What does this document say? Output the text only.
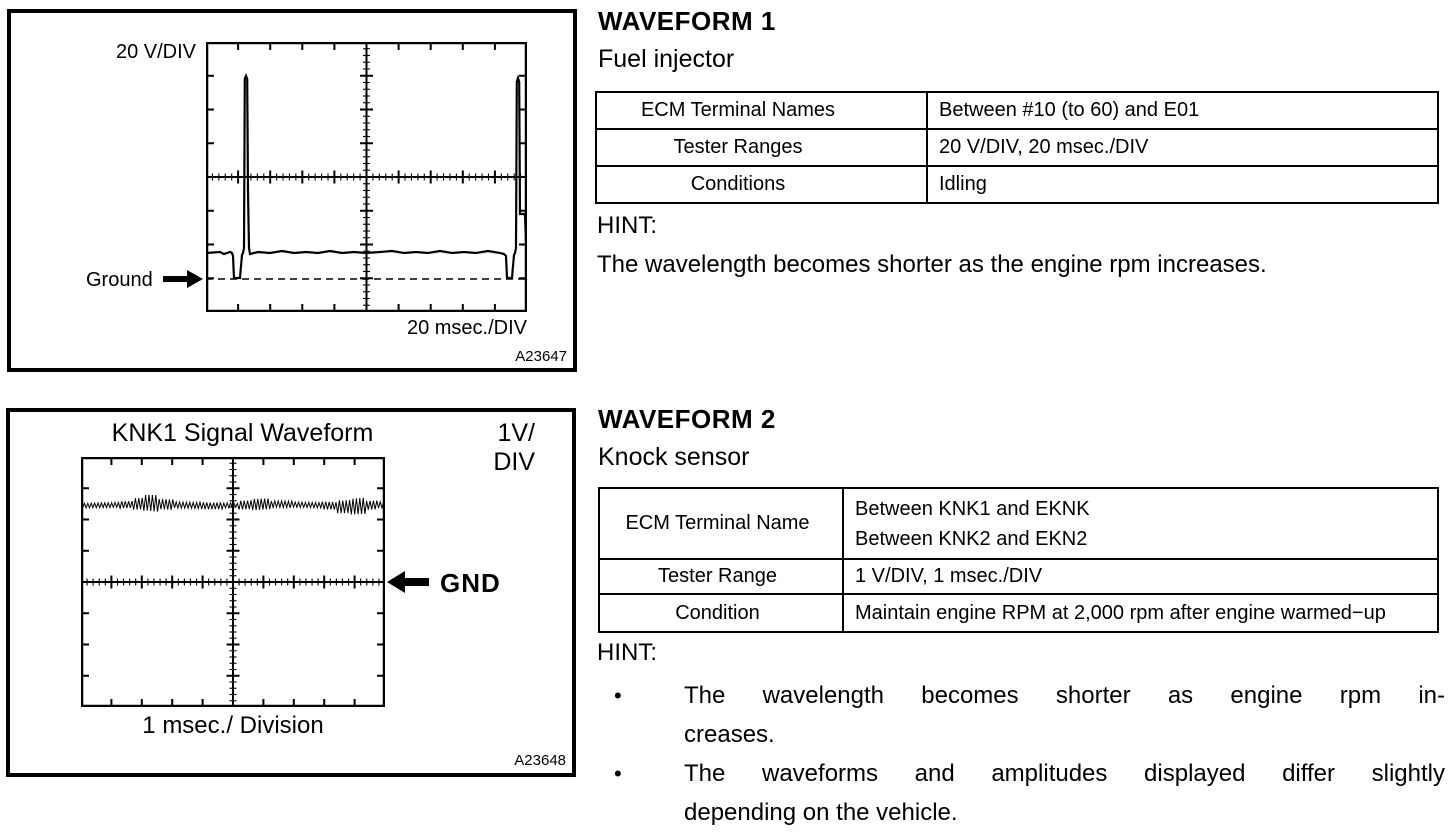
20 V/DIV
Ground
20 msec./DIV
A23647
KNK1 Signal Waveform	1V/ DIV
GND
1 msec./ Division
A23648
WAVEFORM 1
Fuel injector
ECM Terminal Names	Between #10 (to 60) and E01
Tester Ranges	20 V/DIV, 20 msec./DIV
Conditions	Idling
HINT:
The wavelength becomes shorter as the engine rpm increases.
WAVEFORM 2
Knock sensor
ECM Terminal Name	Between KNK1 and EKNK
Between KNK2 and EKN2

Tester Range	1 V/DIV, 1 msec./DIV
Condition	Maintain engine RPM at 2,000 rpm after engine warmed−up
HINT:
•	The wavelength becomes shorter as engine rpm in-
creases.
•	The waveforms and amplitudes displayed differ slightly
depending on the vehicle.
